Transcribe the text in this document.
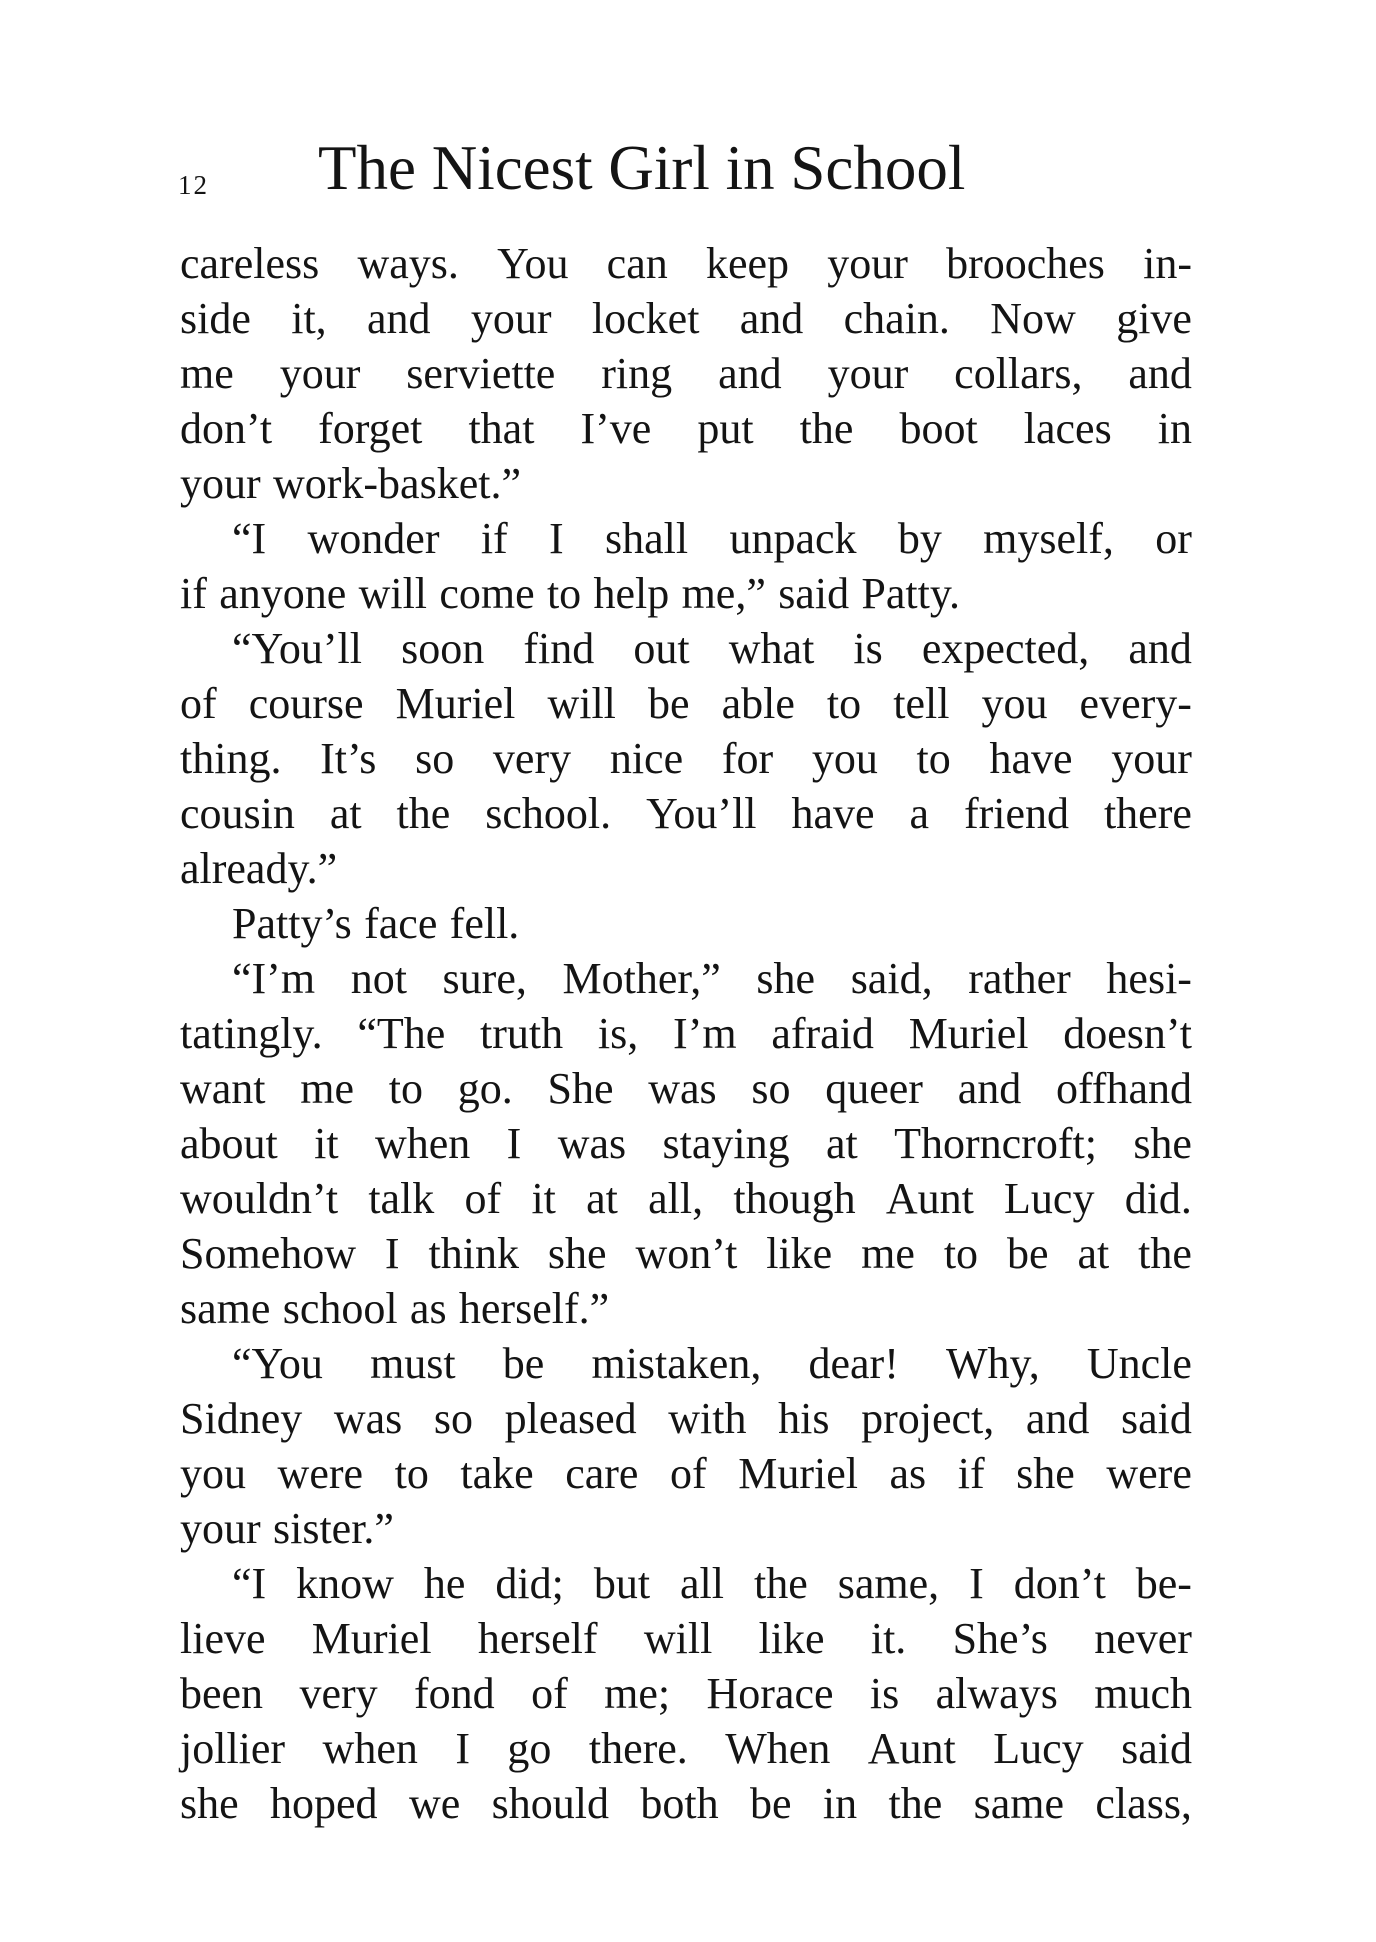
12 The Nicest Girl in School
careless ways. You can keep your brooches in-
side it, and your locket and chain. Now give
me your serviette ring and your collars, and
don’t forget that I’ve put the boot laces in
your work-basket.”
“I wonder if I shall unpack by myself, or
if anyone will come to help me,” said Patty.
“You’ll soon find out what is expected, and
of course Muriel will be able to tell you every-
thing. It’s so very nice for you to have your
cousin at the school. You’ll have a friend there
already.”
Patty’s face fell.
“I’m not sure, Mother,” she said, rather hesi-
tatingly. “The truth is, I’m afraid Muriel doesn’t
want me to go. She was so queer and offhand
about it when I was staying at Thorncroft; she
wouldn’t talk of it at all, though Aunt Lucy did.
Somehow I think she won’t like me to be at the
same school as herself.”
“You must be mistaken, dear! Why, Uncle
Sidney was so pleased with his project, and said
you were to take care of Muriel as if she were
your sister.”
“I know he did; but all the same, I don’t be-
lieve Muriel herself will like it. She’s never
been very fond of me; Horace is always much
jollier when I go there. When Aunt Lucy said
she hoped we should both be in the same class,
